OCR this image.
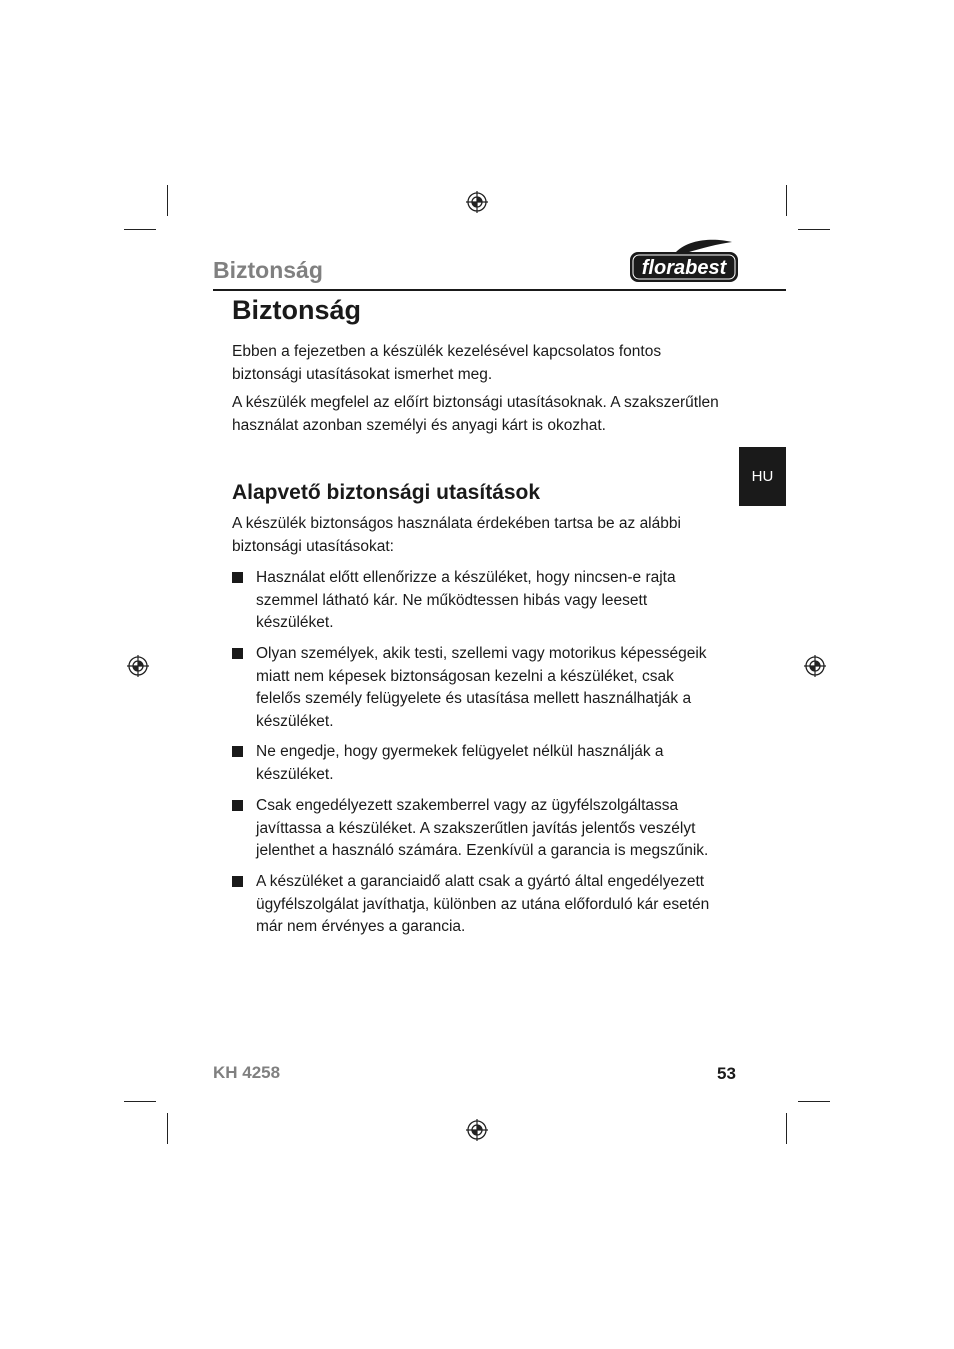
Biztonság	florabest
Biztonság
Ebben a fejezetben a készülék kezelésével kapcsolatos fontos biztonsági utasításokat ismerhet meg.
A készülék megfelel az előírt biztonsági utasításoknak. A szakszerűtlen használat azonban személyi és anyagi kárt is okozhat.
Alapvető biztonsági utasítások
A készülék biztonságos használata érdekében tartsa be az alábbi biztonsági utasításokat:
Használat előtt ellenőrizze a készüléket, hogy nincsen-e rajta szemmel látható kár. Ne működtessen hibás vagy leesett készüléket.
Olyan személyek, akik testi, szellemi vagy motorikus képességeik miatt nem képesek biztonságosan kezelni a készüléket, csak felelős személy felügyelete és utasítása mellett használhatják a készüléket.
Ne engedje, hogy gyermekek felügyelet nélkül használják a készüléket.
Csak engedélyezett szakemberrel vagy az ügyfélszolgáltassa javíttassa a készüléket. A szakszerűtlen javítás jelentős veszélyt jelenthet a használó számára. Ezenkívül a garancia is megszűnik.
A készüléket a garanciaidő alatt csak a gyártó által engedélyezett ügyfélszolgálat javíthatja, különben az utána előforduló kár esetén már nem érvényes a garancia.
HU
KH 4258	53
